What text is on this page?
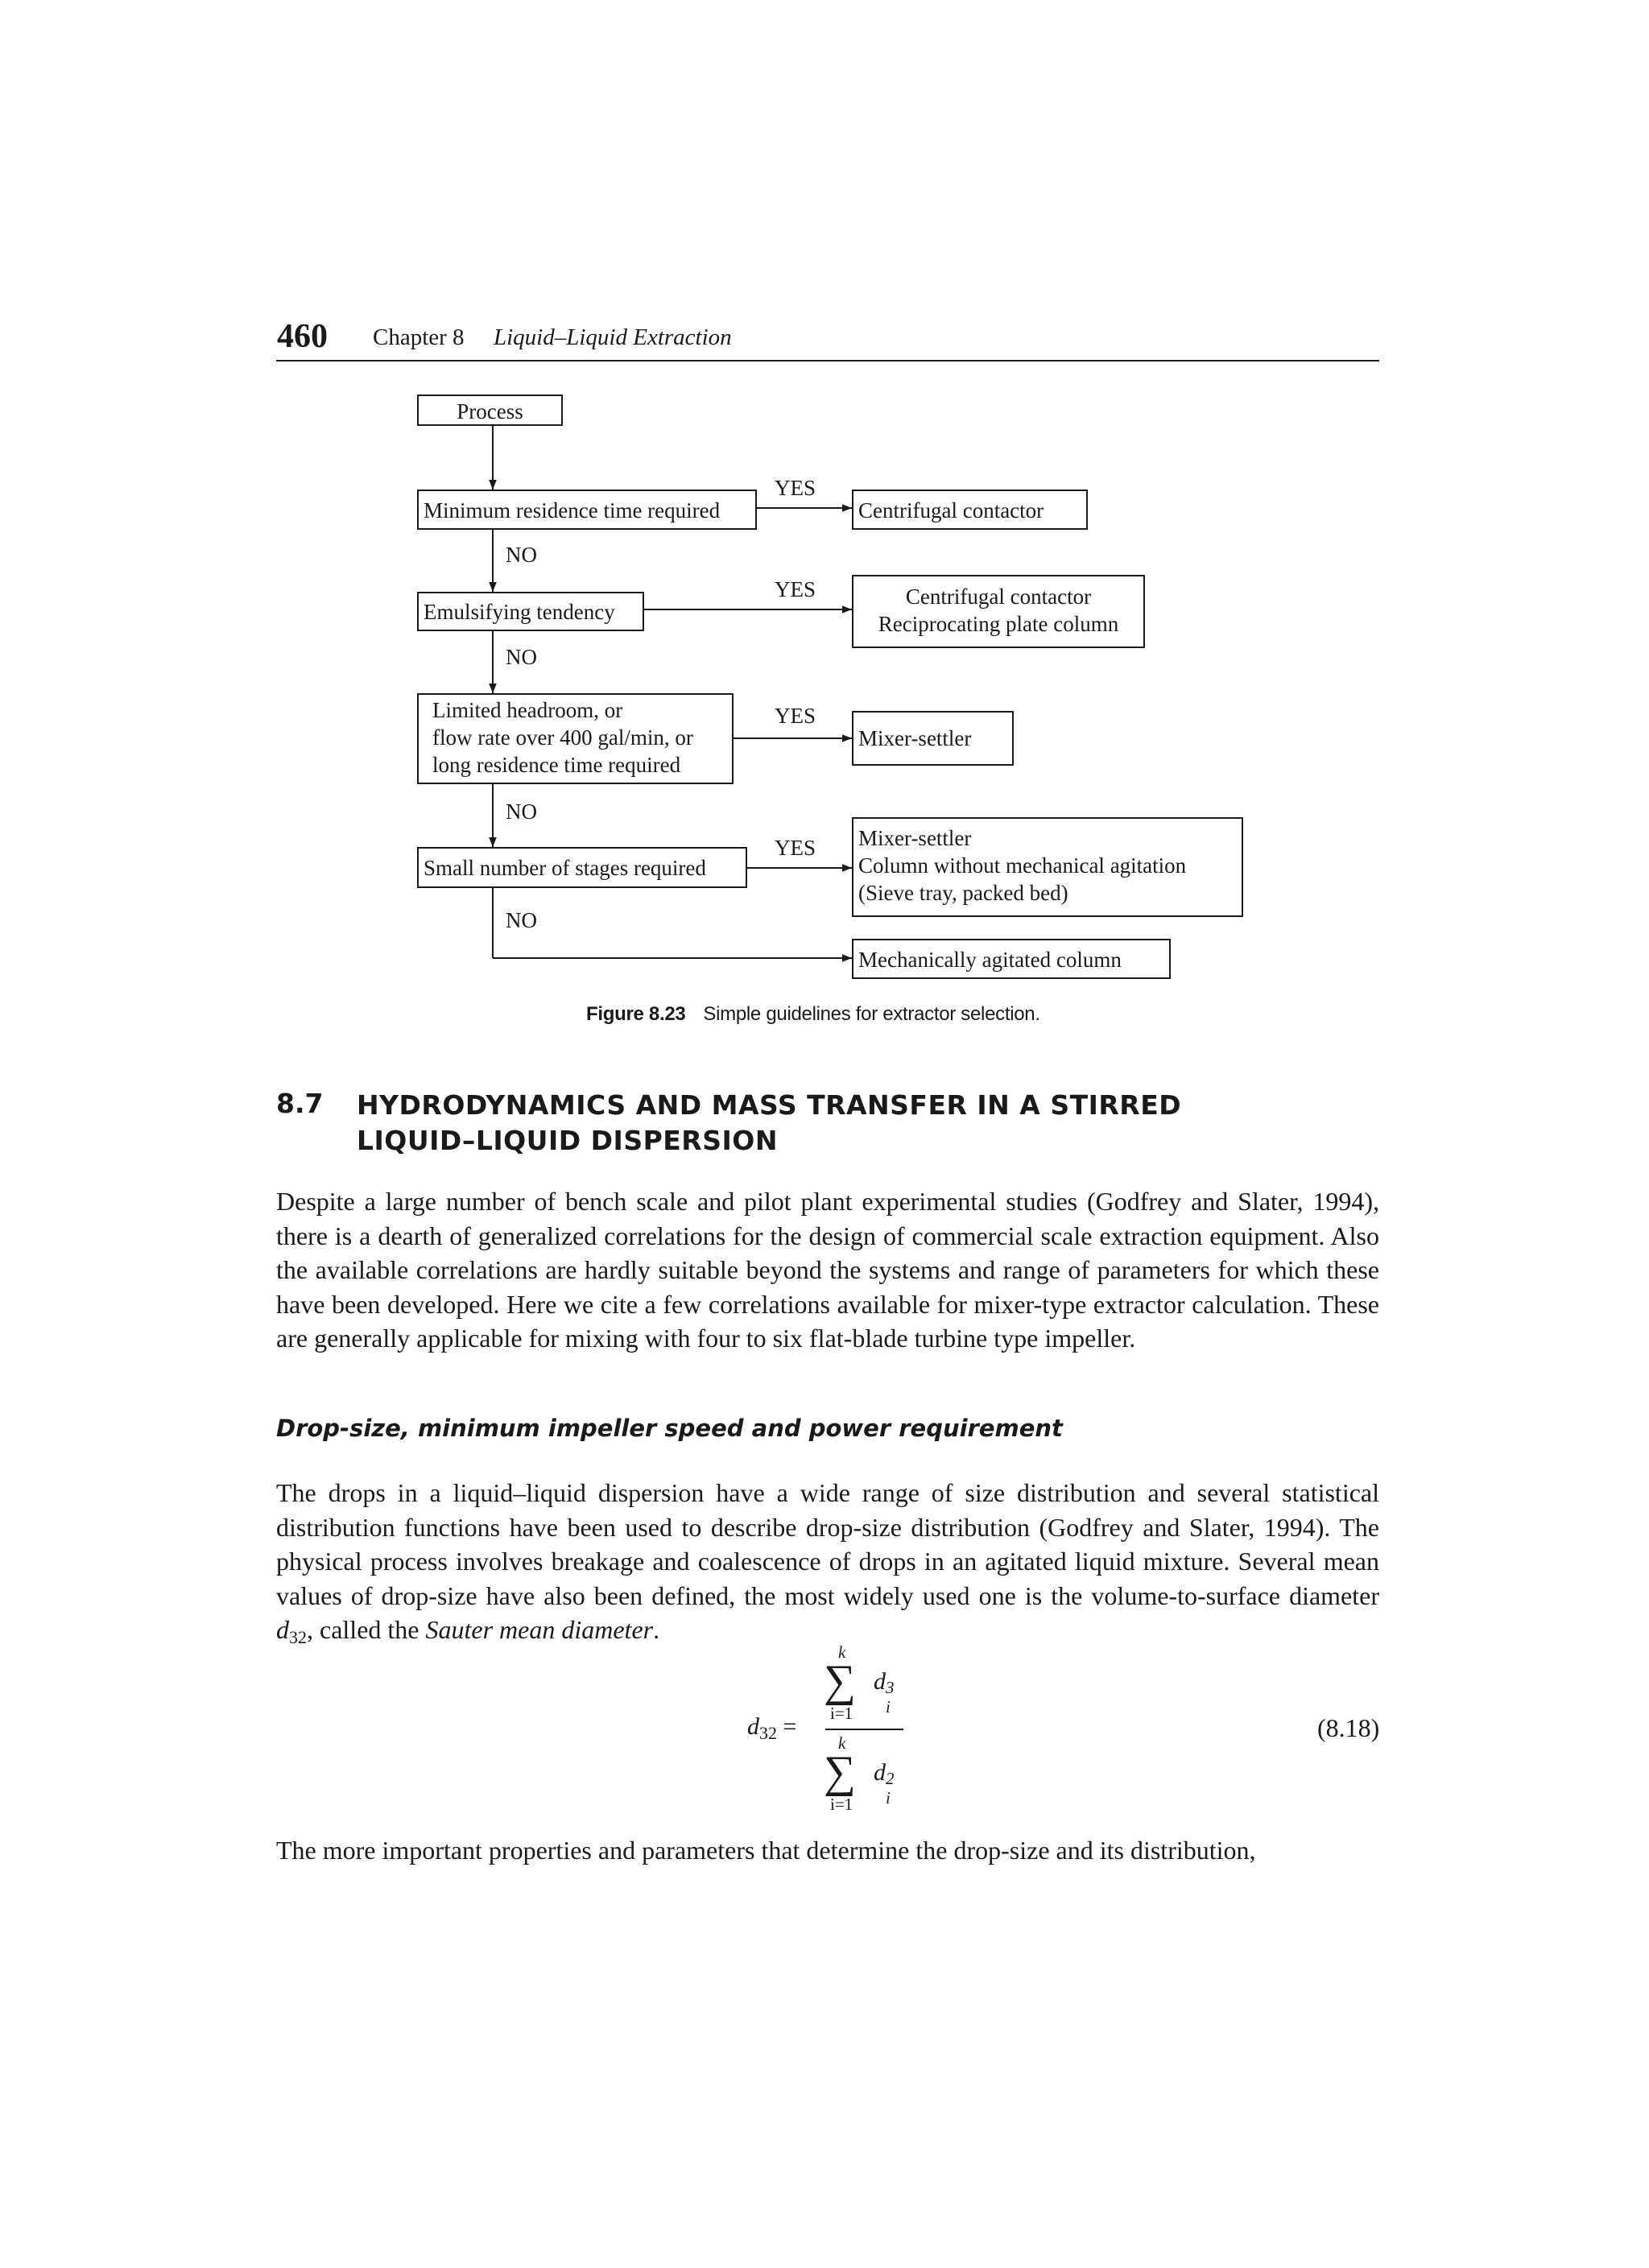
460 Chapter 8 Liquid–Liquid Extraction
Process
Minimum residence time required
Emulsifying tendency
Limited headroom, or
flow rate over 400 gal/min, or
long residence time required
Small number of stages required
Centrifugal contactor
Centrifugal contactor
Reciprocating plate column
Mixer-settler
Mixer-settler
Column without mechanical agitation
(Sieve tray, packed bed)
Mechanically agitated column
YES
YES
YES
YES
NO
NO
NO
NO
Figure 8.23 Simple guidelines for extractor selection.
8.7 HYDRODYNAMICS AND MASS TRANSFER IN A STIRRED LIQUID–LIQUID DISPERSION

Despite a large number of bench scale and pilot plant experimental studies (Godfrey and Slater, 1994), there is a dearth of generalized correlations for the design of commercial scale extraction equipment. Also the available correlations are hardly suitable beyond the systems and range of parameters for which these have been developed. Here we cite a few correlations available for mixer-type extractor calculation. These are generally applicable for mixing with four to six flat-blade turbine type impeller.

Drop-size, minimum impeller speed and power requirement

The drops in a liquid–liquid dispersion have a wide range of size distribution and several statistical distribution functions have been used to describe drop-size distribution (Godfrey and Slater, 1994). The physical process involves breakage and coalescence of drops in an agitated liquid mixture. Several mean values of drop-size have also been defined, the most widely used one is the volume-to-surface diameter $d_{32}$, called the Sauter mean diameter.

$d_{32}$ =
k
∑ d 3
i
i=1
k
∑ d 2
i
i=1
(8.18)

The more important properties and parameters that determine the drop-size and its distribution,
